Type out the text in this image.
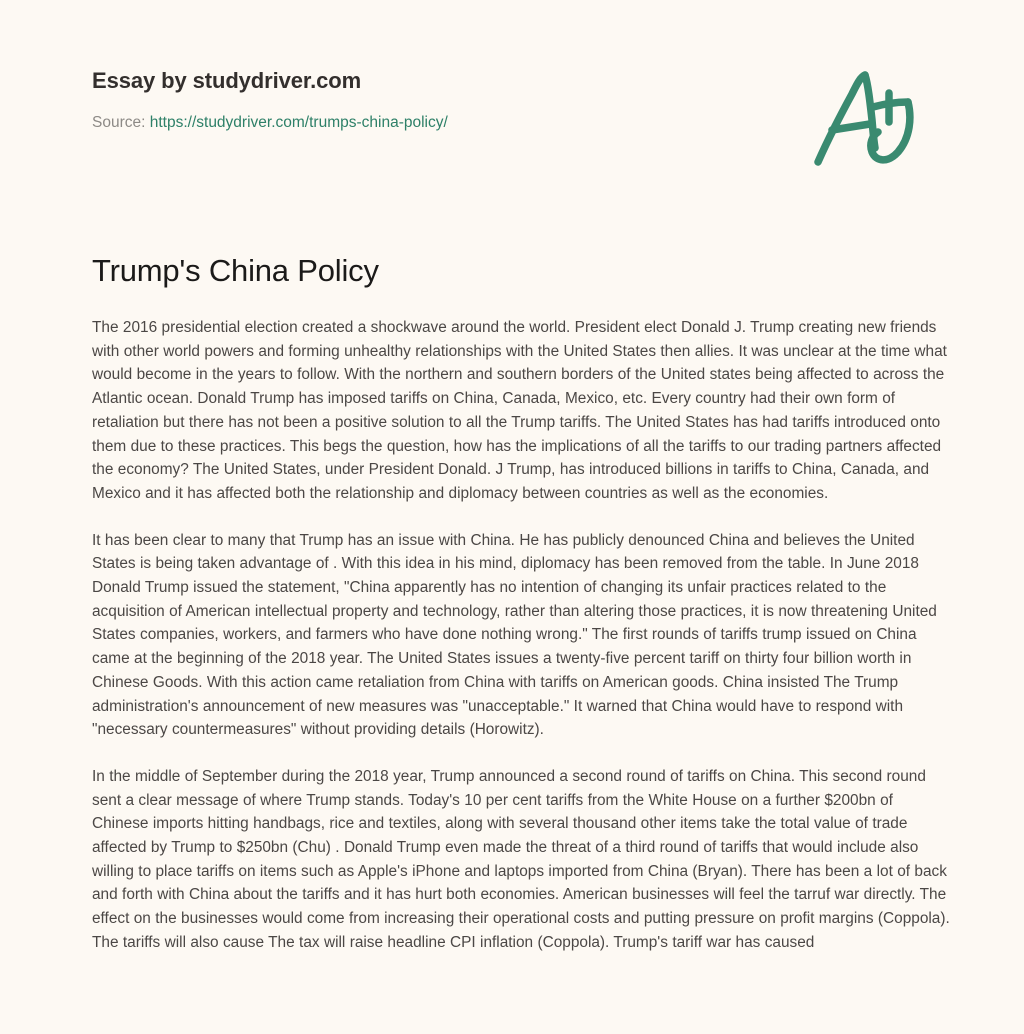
Essay by studydriver.com
Source: https://studydriver.com/trumps-china-policy/
Trump's China Policy

The 2016 presidential election created a shockwave around the world. President elect Donald J. Trump creating new friends with other world powers and forming unhealthy relationships with the United States then allies. It was unclear at the time what would become in the years to follow. With the northern and southern borders of the United states being affected to across the Atlantic ocean. Donald Trump has imposed tariffs on China, Canada, Mexico, etc. Every country had their own form of retaliation but there has not been a positive solution to all the Trump tariffs. The United States has had tariffs introduced onto them due to these practices. This begs the question, how has the implications of all the tariffs to our trading partners affected the economy? The United States, under President Donald. J Trump, has introduced billions in tariffs to China, Canada, and Mexico and it has affected both the relationship and diplomacy between countries as well as the economies.

It has been clear to many that Trump has an issue with China. He has publicly denounced China and believes the United States is being taken advantage of . With this idea in his mind, diplomacy has been removed from the table. In June 2018 Donald Trump issued the statement, "China apparently has no intention of changing its unfair practices related to the acquisition of American intellectual property and technology, rather than altering those practices, it is now threatening United States companies, workers, and farmers who have done nothing wrong." The first rounds of tariffs trump issued on China came at the beginning of the 2018 year. The United States issues a twenty-five percent tariff on thirty four billion worth in Chinese Goods. With this action came retaliation from China with tariffs on American goods. China insisted The Trump administration's announcement of new measures was "unacceptable." It warned that China would have to respond with "necessary countermeasures" without providing details (Horowitz).

In the middle of September during the 2018 year, Trump announced a second round of tariffs on China. This second round sent a clear message of where Trump stands. Today's 10 per cent tariffs from the White House on a further $200bn of Chinese imports hitting handbags, rice and textiles, along with several thousand other items take the total value of trade affected by Trump to $250bn (Chu) . Donald Trump even made the threat of a third round of tariffs that would include also willing to place tariffs on items such as Apple's iPhone and laptops imported from China (Bryan). There has been a lot of back and forth with China about the tariffs and it has hurt both economies. American businesses will feel the tarruf war directly. The effect on the businesses would come from increasing their operational costs and putting pressure on profit margins (Coppola). The tariffs will also cause The tax will raise headline CPI inflation (Coppola). Trump's tariff war has caused
